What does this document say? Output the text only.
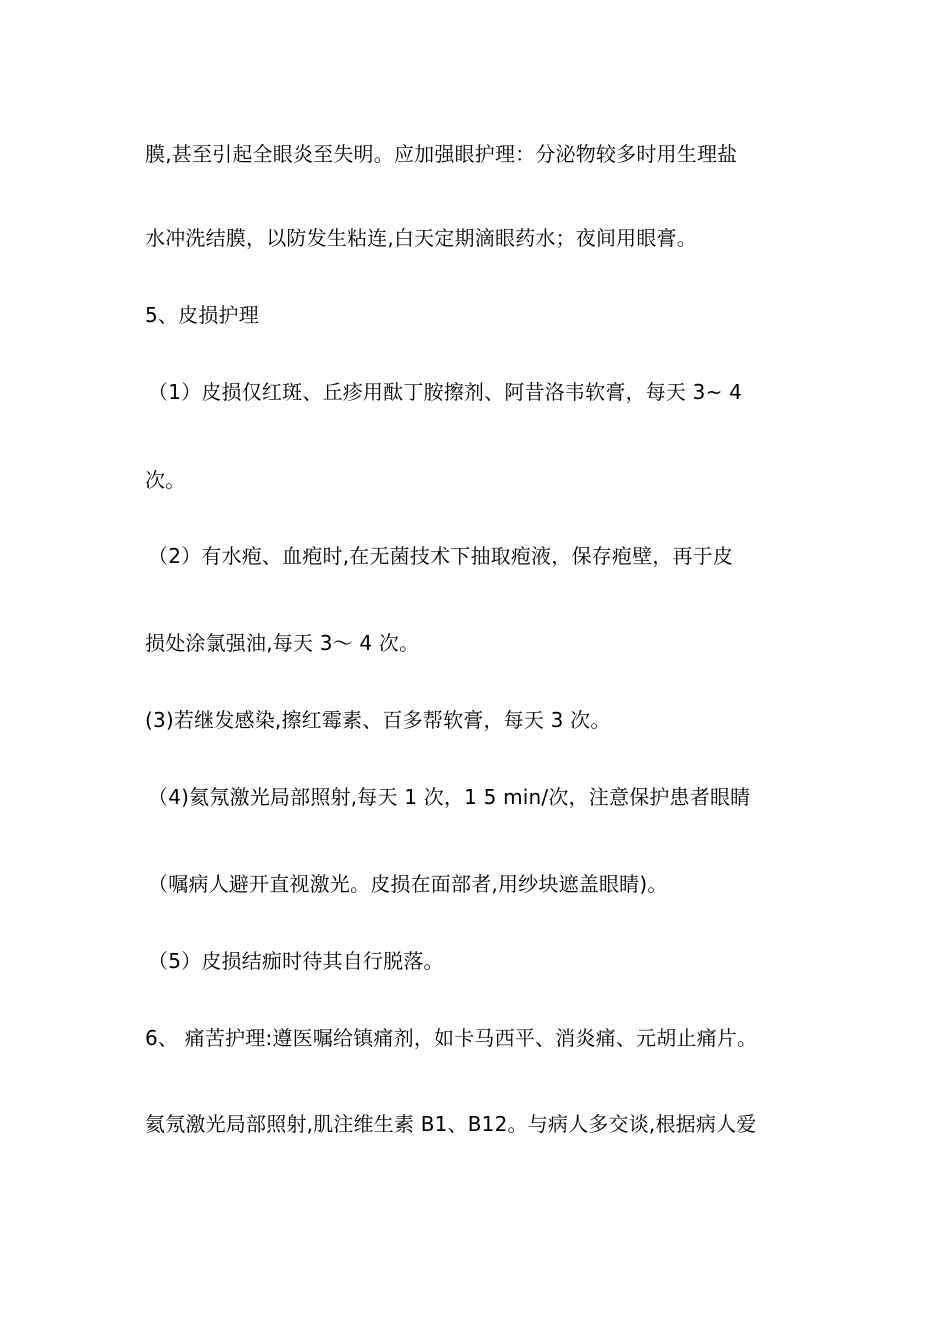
膜,甚至引起全眼炎至失明。应加强眼护理：分泌物较多时用生理盐
水冲洗结膜，以防发生粘连,白天定期滴眼药水；夜间用眼膏。
5、皮损护理
（1）皮损仅红斑、丘疹用酞丁胺擦剂、阿昔洛韦软膏，每天 3~ 4
次。
（2）有水疱、血疱时,在无菌技术下抽取疱液，保存疱壁，再于皮
损处涂氯强油,每天 3～ 4 次。
(3)若继发感染,擦红霉素、百多帮软膏，每天 3 次。
（4)氦氖激光局部照射,每天 1 次，1 5 min/次，注意保护患者眼睛
（嘱病人避开直视激光。皮损在面部者,用纱块遮盖眼睛)。
（5）皮损结痂时待其自行脱落。
6、 痛苦护理:遵医嘱给镇痛剂，如卡马西平、消炎痛、元胡止痛片。
氦氖激光局部照射,肌注维生素 B1、B12。与病人多交谈,根据病人爱
